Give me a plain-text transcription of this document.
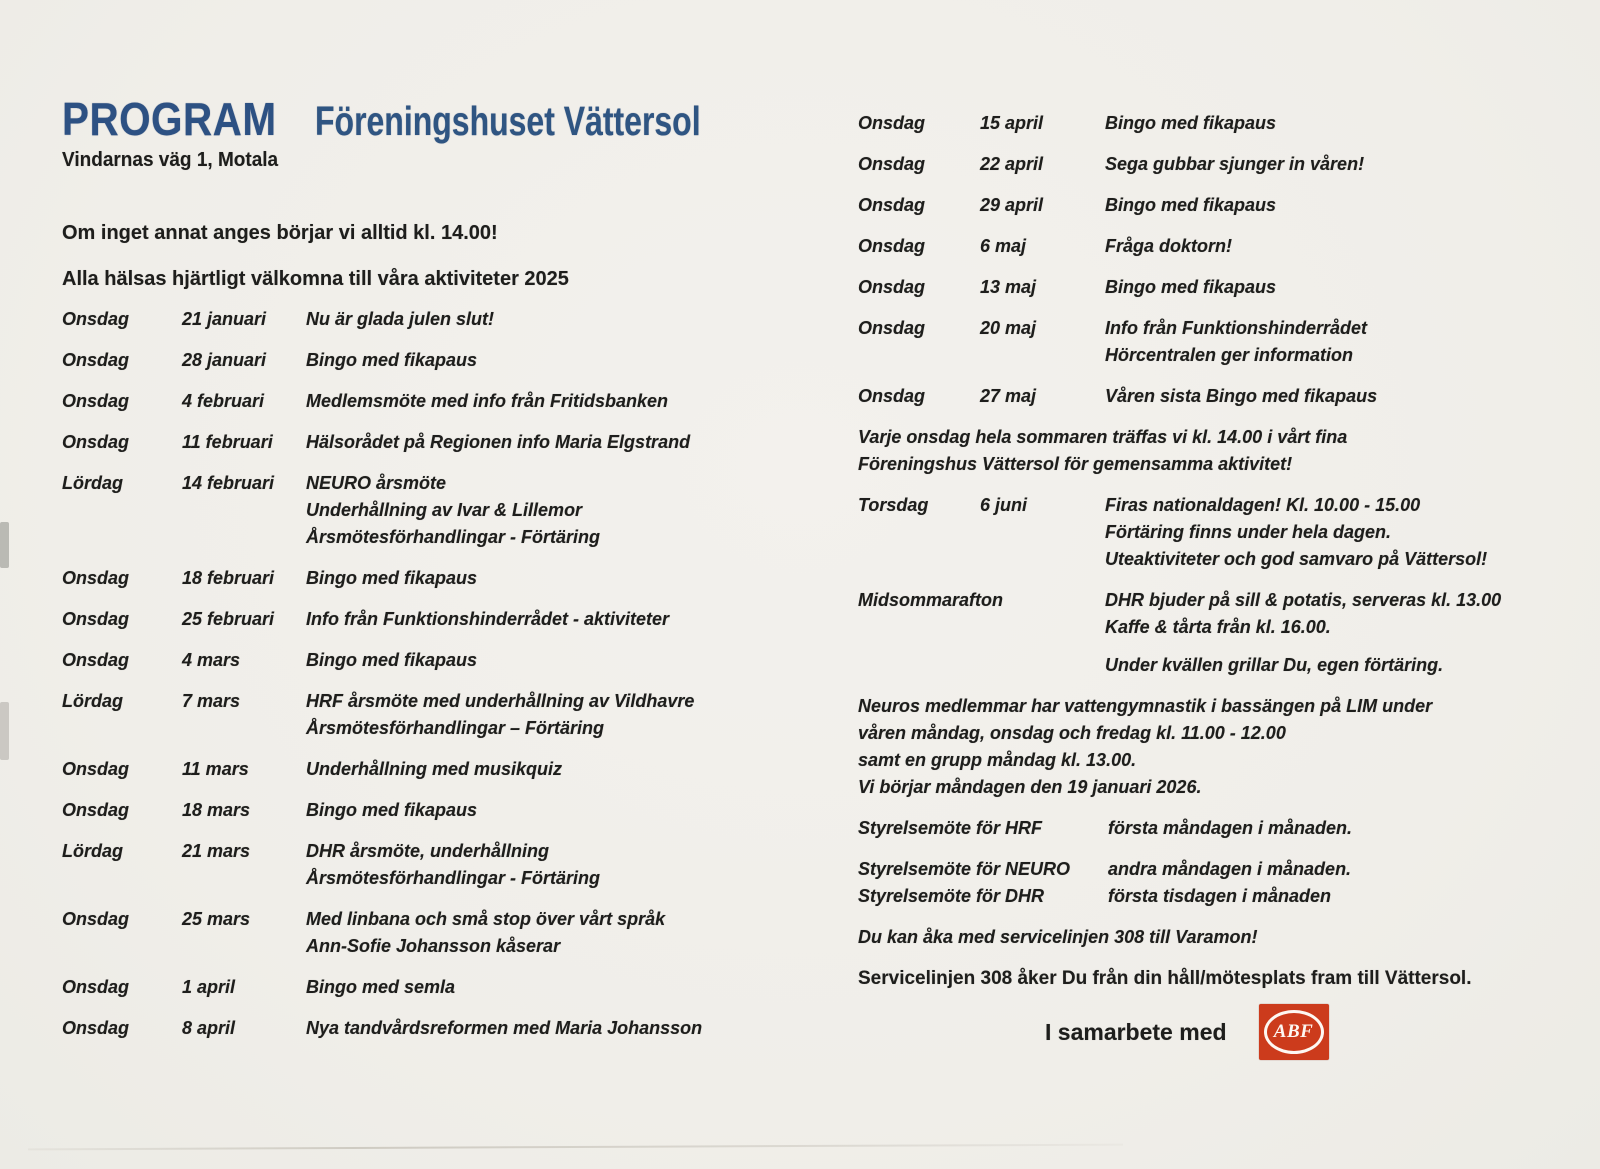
PROGRAM Föreningshuset Vättersol
Vindarnas väg 1, Motala

Om inget annat anges börjar vi alltid kl. 14.00!

Alla hälsas hjärtligt välkomna till våra aktiviteter 2025

Onsdag	21 januari	Nu är glada julen slut!
Onsdag	28 januari	Bingo med fikapaus
Onsdag	4 februari	Medlemsmöte med info från Fritidsbanken
Onsdag	11 februari	Hälsorådet på Regionen info Maria Elgstrand
Lördag	14 februari	NEURO årsmöte
Underhållning av Ivar & Lillemor
Årsmötesförhandlingar - Förtäring
Onsdag	18 februari	Bingo med fikapaus
Onsdag	25 februari	Info från Funktionshinderrådet - aktiviteter
Onsdag	4 mars	Bingo med fikapaus
Lördag	7 mars	HRF årsmöte med underhållning av Vildhavre
Årsmötesförhandlingar – Förtäring
Onsdag	11 mars	Underhållning med musikquiz
Onsdag	18 mars	Bingo med fikapaus
Lördag	21 mars	DHR årsmöte, underhållning
Årsmötesförhandlingar - Förtäring
Onsdag	25 mars	Med linbana och små stop över vårt språk
Ann-Sofie Johansson kåserar
Onsdag	1 april	Bingo med semla
Onsdag	8 april	Nya tandvårdsreformen med Maria Johansson
Onsdag	15 april	Bingo med fikapaus
Onsdag	22 april	Sega gubbar sjunger in våren!
Onsdag	29 april	Bingo med fikapaus
Onsdag	6 maj	Fråga doktorn!
Onsdag	13 maj	Bingo med fikapaus
Onsdag	20 maj	Info från Funktionshinderrådet
Hörcentralen ger information
Onsdag	27 maj	Våren sista Bingo med fikapaus

Varje onsdag hela sommaren träffas vi kl. 14.00 i vårt fina
Föreningshus Vättersol för gemensamma aktivitet!

Torsdag	6 juni	Firas nationaldagen! Kl. 10.00 - 15.00
Förtäring finns under hela dagen.
Uteaktiviteter och god samvaro på Vättersol!
Midsommarafton	DHR bjuder på sill & potatis, serveras kl. 13.00
Kaffe & tårta från kl. 16.00.
Under kvällen grillar Du, egen förtäring.

Neuros medlemmar har vattengymnastik i bassängen på LIM under
våren måndag, onsdag och fredag kl. 11.00 - 12.00
samt en grupp måndag kl. 13.00.
Vi börjar måndagen den 19 januari 2026.

Styrelsemöte för HRF	första måndagen i månaden.
Styrelsemöte för NEURO	andra måndagen i månaden.
Styrelsemöte för DHR	första tisdagen i månaden

Du kan åka med servicelinjen 308 till Varamon!

Servicelinjen 308 åker Du från din håll/mötesplats fram till Vättersol.

I samarbete med ABF
